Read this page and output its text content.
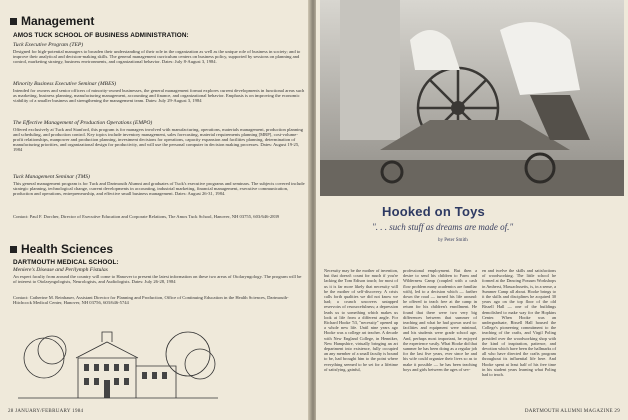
Management
AMOS TUCK SCHOOL OF BUSINESS ADMINISTRATION:
Tuck Executive Program (TEP)

Designed for high-potential managers to broaden their understanding of their role in the organization as well as the unique role of business in society; and to improve their analytical and decision-making skills. The general management curriculum centers on business policy, supported by sessions on planning and control, marketing strategy, business environments, and organizational behavior. Dates: July 8-August 3, 1984.

Minority Business Executive Seminar (MBES)

Intended for owners and senior officers of minority-owned businesses, the general management format explores current developments in functional areas such as marketing, business planning, manufacturing management, accounting and finance, and organizational behavior. Emphasis is on improving the economic viability of a smaller business and strengthening the management team. Dates: July 29-August 3, 1984

The Effective Management of Production Operations (EMPO)

Offered exclusively at Tuck and Stanford, this program is for managers involved with manufacturing, operations, materials management, production planning and scheduling, and production control. Key topics include inventory management, sales forecasting, material requirements planning [MRP], cost-volume-profit relationships, manpower and production planning, investment decisions for operations, capacity expansion and facilities planning, determination of manufacturing priorities, and organizational design for productivity, and will use the personal computer in decision making processes. Dates: August 19-25, 1984

Tuck Management Seminar (TMS)

This general management program is for Tuck and Dartmouth Alumni and graduates of Tuck's executive programs and seminars. The subjects covered include strategic planning, technological change, current developments in accounting, industrial marketing, financial management, executive communication, production and operations, entrepreneurship, and effective small business management. Dates: August 26-31, 1984.

Contact: Paul F. Dorcher, Director of Executive Education and Corporate Relations, The Amos Tuck School, Hanover, NH 03755, 603/646-2839

Health Sciences
DARTMOUTH MEDICAL SCHOOL:
Meniere's Disease and Perilymph Fistulas

An expert faculty from around the country will come to Hanover to present the latest information on these two areas of Otolaryngology. The program will be of interest to Otolaryngologists, Neurologists, and Audiologists. Dates: July 26-28, 1984

Contact: Catherine M. Reinhauer, Assistant Director for Planning and Production, Office of Continuing Education in the Health Sciences, Dartmouth-Hitchcock Medical Center, Hanover, NH 03756, 603/646-5744

28 JANUARY/FEBRUARY 1984
Hooked on Toys
". . . such stuff as dreams are made of."
by Peter Smith

Necessity may be the mother of invention, but that doesn't count for much if you're lacking the Tom Edison touch; for most of us it is far more likely that necessity will be the mother of self-discovery. A crisis calls forth qualities we did not know we had; a crunch uncovers untapped reservoirs of resourcefulness; a depression leads us to something which makes us look at life from a different angle. For Richard Hooke '53, "necessity" opened up a whole new life. Until nine years ago Hooke was a college art teacher. A decade with New England College, in Henniker, New Hampshire, virtually bringing an art department into existence, fully occupied an any member of a small faculty is bound to be, had brought him to the point where everything seemed to be set for a lifetime of satisfying, gainful,

professional employment. But then a desire to send his children to Farm and Wilderness Camp (coupled with a cash flow problem many academics are familiar with), led to a decision which — farther down the road — turned his life around: he offered to teach free at the camp in return for his children's enrollment. He found that there were two very big differences between that summer of teaching and what he had grown used to: facilities and equipment were minimal, and his students were grade school age. And, perhaps most important, he enjoyed the experience vastly. What Hooke did that summer he has been doing as a regular job for the last five years, ever since he and his wife could organize their lives so as to make it possible — he has been teaching boys and girls between the ages of sev-

en and twelve the skills and satisfactions of woodworking. The little school he formed at the Dancing Possum Workshops in Amherst, Massachusetts, is, in a sense, a Summer Camp all about. Hooke brings to it the skills and disciplines he acquired 30 years ago on the top floor of the old Bissell Hall — one of the buildings demolished to make way for the Hopkins Center. When Hooke was an undergraduate, Bissell Hall housed the College's pioneering commitment to the teaching of the crafts, and Virgil Poling presided over the woodworking shop with the kind of inspiration, patience, and devotion which have been the hallmarks of all who have directed the crafts program throughout its influential life here. And Hooke spent at least half of his free time in his student years learning what Poling had to teach.

DARTMOUTH ALUMNI MAGAZINE 29
